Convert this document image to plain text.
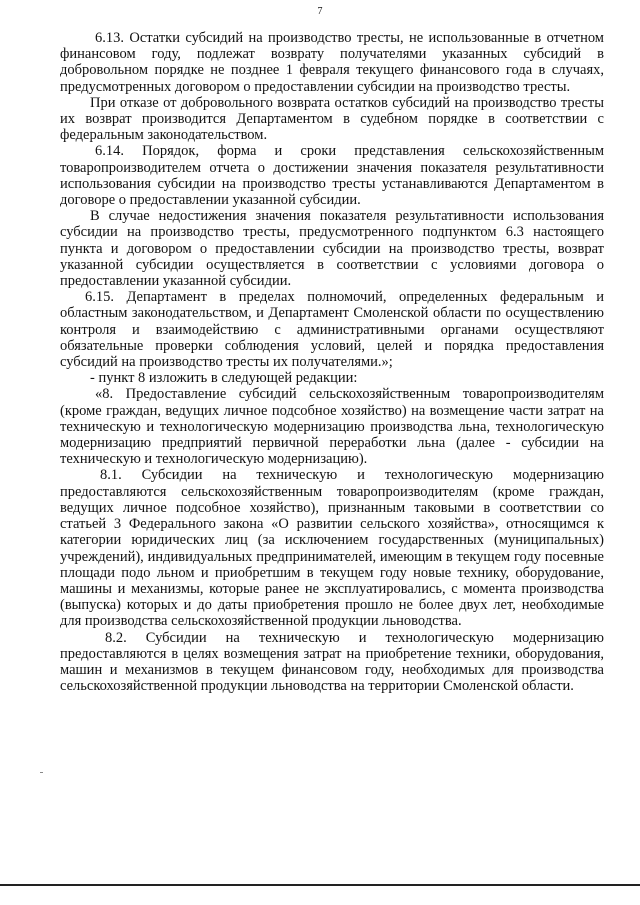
7

6.13. Остатки субсидий на производство тресты, не использованные в отчетном финансовом году, подлежат возврату получателями указанных субсидий в добровольном порядке не позднее 1 февраля текущего финансового года в случаях, предусмотренных договором о предоставлении субсидии на производство тресты.

При отказе от добровольного возврата остатков субсидий на производство тресты их возврат производится Департаментом в судебном порядке в соответствии с федеральным законодательством.

6.14. Порядок, форма и сроки представления сельскохозяйственным товаропроизводителем отчета о достижении значения показателя результативности использования субсидии на производство тресты устанавливаются Департаментом в договоре о предоставлении указанной субсидии.

В случае недостижения значения показателя результативности использования субсидии на производство тресты, предусмотренного подпунктом 6.3 настоящего пункта и договором о предоставлении субсидии на производство тресты, возврат указанной субсидии осуществляется в соответствии с условиями договора о предоставлении указанной субсидии.

6.15. Департамент в пределах полномочий, определенных федеральным и областным законодательством, и Департамент Смоленской области по осуществлению контроля и взаимодействию с административными органами осуществляют обязательные проверки соблюдения условий, целей и порядка предоставления субсидий на производство тресты их получателями.»;

- пункт 8 изложить в следующей редакции:

«8. Предоставление субсидий сельскохозяйственным товаропроизводителям (кроме граждан, ведущих личное подсобное хозяйство) на возмещение части затрат на техническую и технологическую модернизацию производства льна, технологическую модернизацию предприятий первичной переработки льна (далее - субсидии на техническую и технологическую модернизацию).

8.1. Субсидии на техническую и технологическую модернизацию предоставляются сельскохозяйственным товаропроизводителям (кроме граждан, ведущих личное подсобное хозяйство), признанным таковыми в соответствии со статьей 3 Федерального закона «О развитии сельского хозяйства», относящимся к категории юридических лиц (за исключением государственных (муниципальных) учреждений), индивидуальных предпринимателей, имеющим в текущем году посевные площади подо льном и приобретшим в текущем году новые технику, оборудование, машины и механизмы, которые ранее не эксплуатировались, с момента производства (выпуска) которых и до даты приобретения прошло не более двух лет, необходимые для производства сельскохозяйственной продукции льноводства.

8.2. Субсидии на техническую и технологическую модернизацию предоставляются в целях возмещения затрат на приобретение техники, оборудования, машин и механизмов в текущем финансовом году, необходимых для производства сельскохозяйственной продукции льноводства на территории Смоленской области.
